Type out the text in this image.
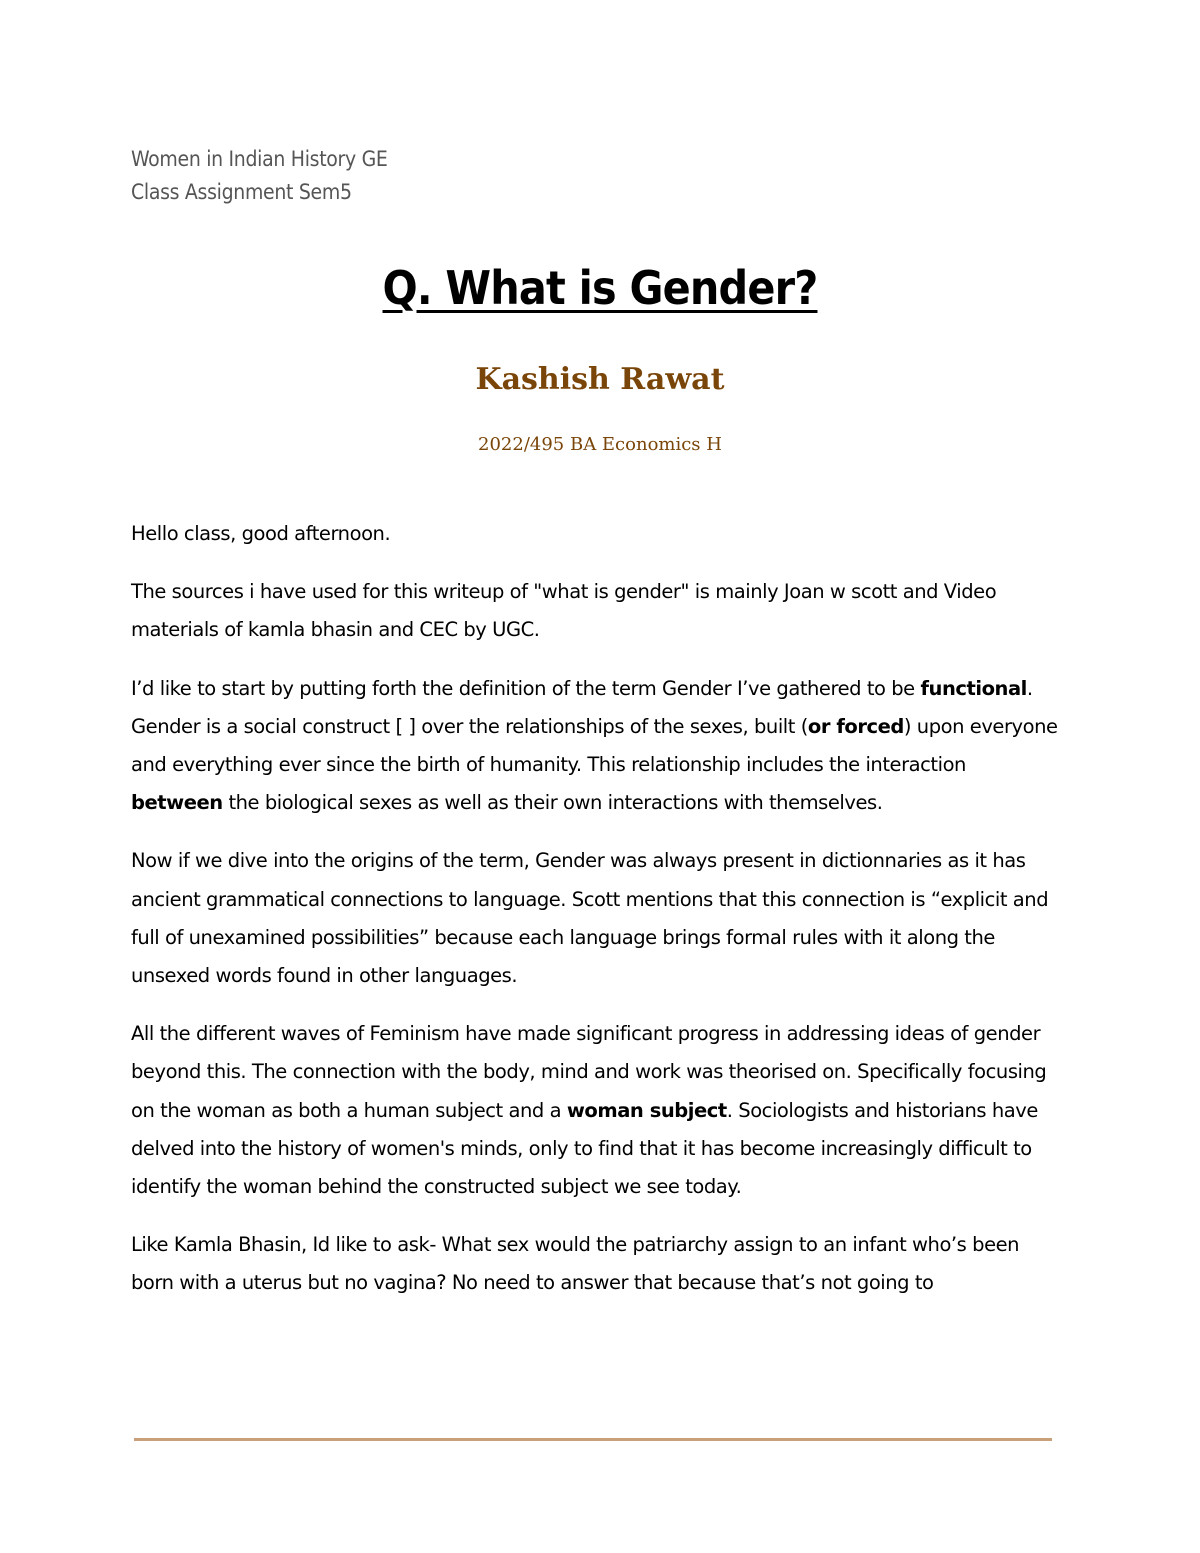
Women in Indian History GE
Class Assignment Sem5
Q. What is Gender?
Kashish Rawat
2022/495 BA Economics H

Hello class, good afternoon.

The sources i have used for this writeup of "what is gender" is mainly Joan w scott and Video materials of kamla bhasin and CEC by UGC.

I’d like to start by putting forth the definition of the term Gender I’ve gathered to be functional. Gender is a social construct [ ] over the relationships of the sexes, built (or forced) upon everyone and everything ever since the birth of humanity. This relationship includes the interaction between the biological sexes as well as their own interactions with themselves.

Now if we dive into the origins of the term, Gender was always present in dictionnaries as it has ancient grammatical connections to language. Scott mentions that this connection is “explicit and full of unexamined possibilities” because each language brings formal rules with it along the unsexed words found in other languages.

All the different waves of Feminism have made significant progress in addressing ideas of gender beyond this. The connection with the body, mind and work was theorised on. Specifically focusing on the woman as both a human subject and a woman subject. Sociologists and historians have delved into the history of women's minds, only to find that it has become increasingly difficult to identify the woman behind the constructed subject we see today.

Like Kamla Bhasin, Id like to ask- What sex would the patriarchy assign to an infant who’s been born with a uterus but no vagina? No need to answer that because that’s not going to
